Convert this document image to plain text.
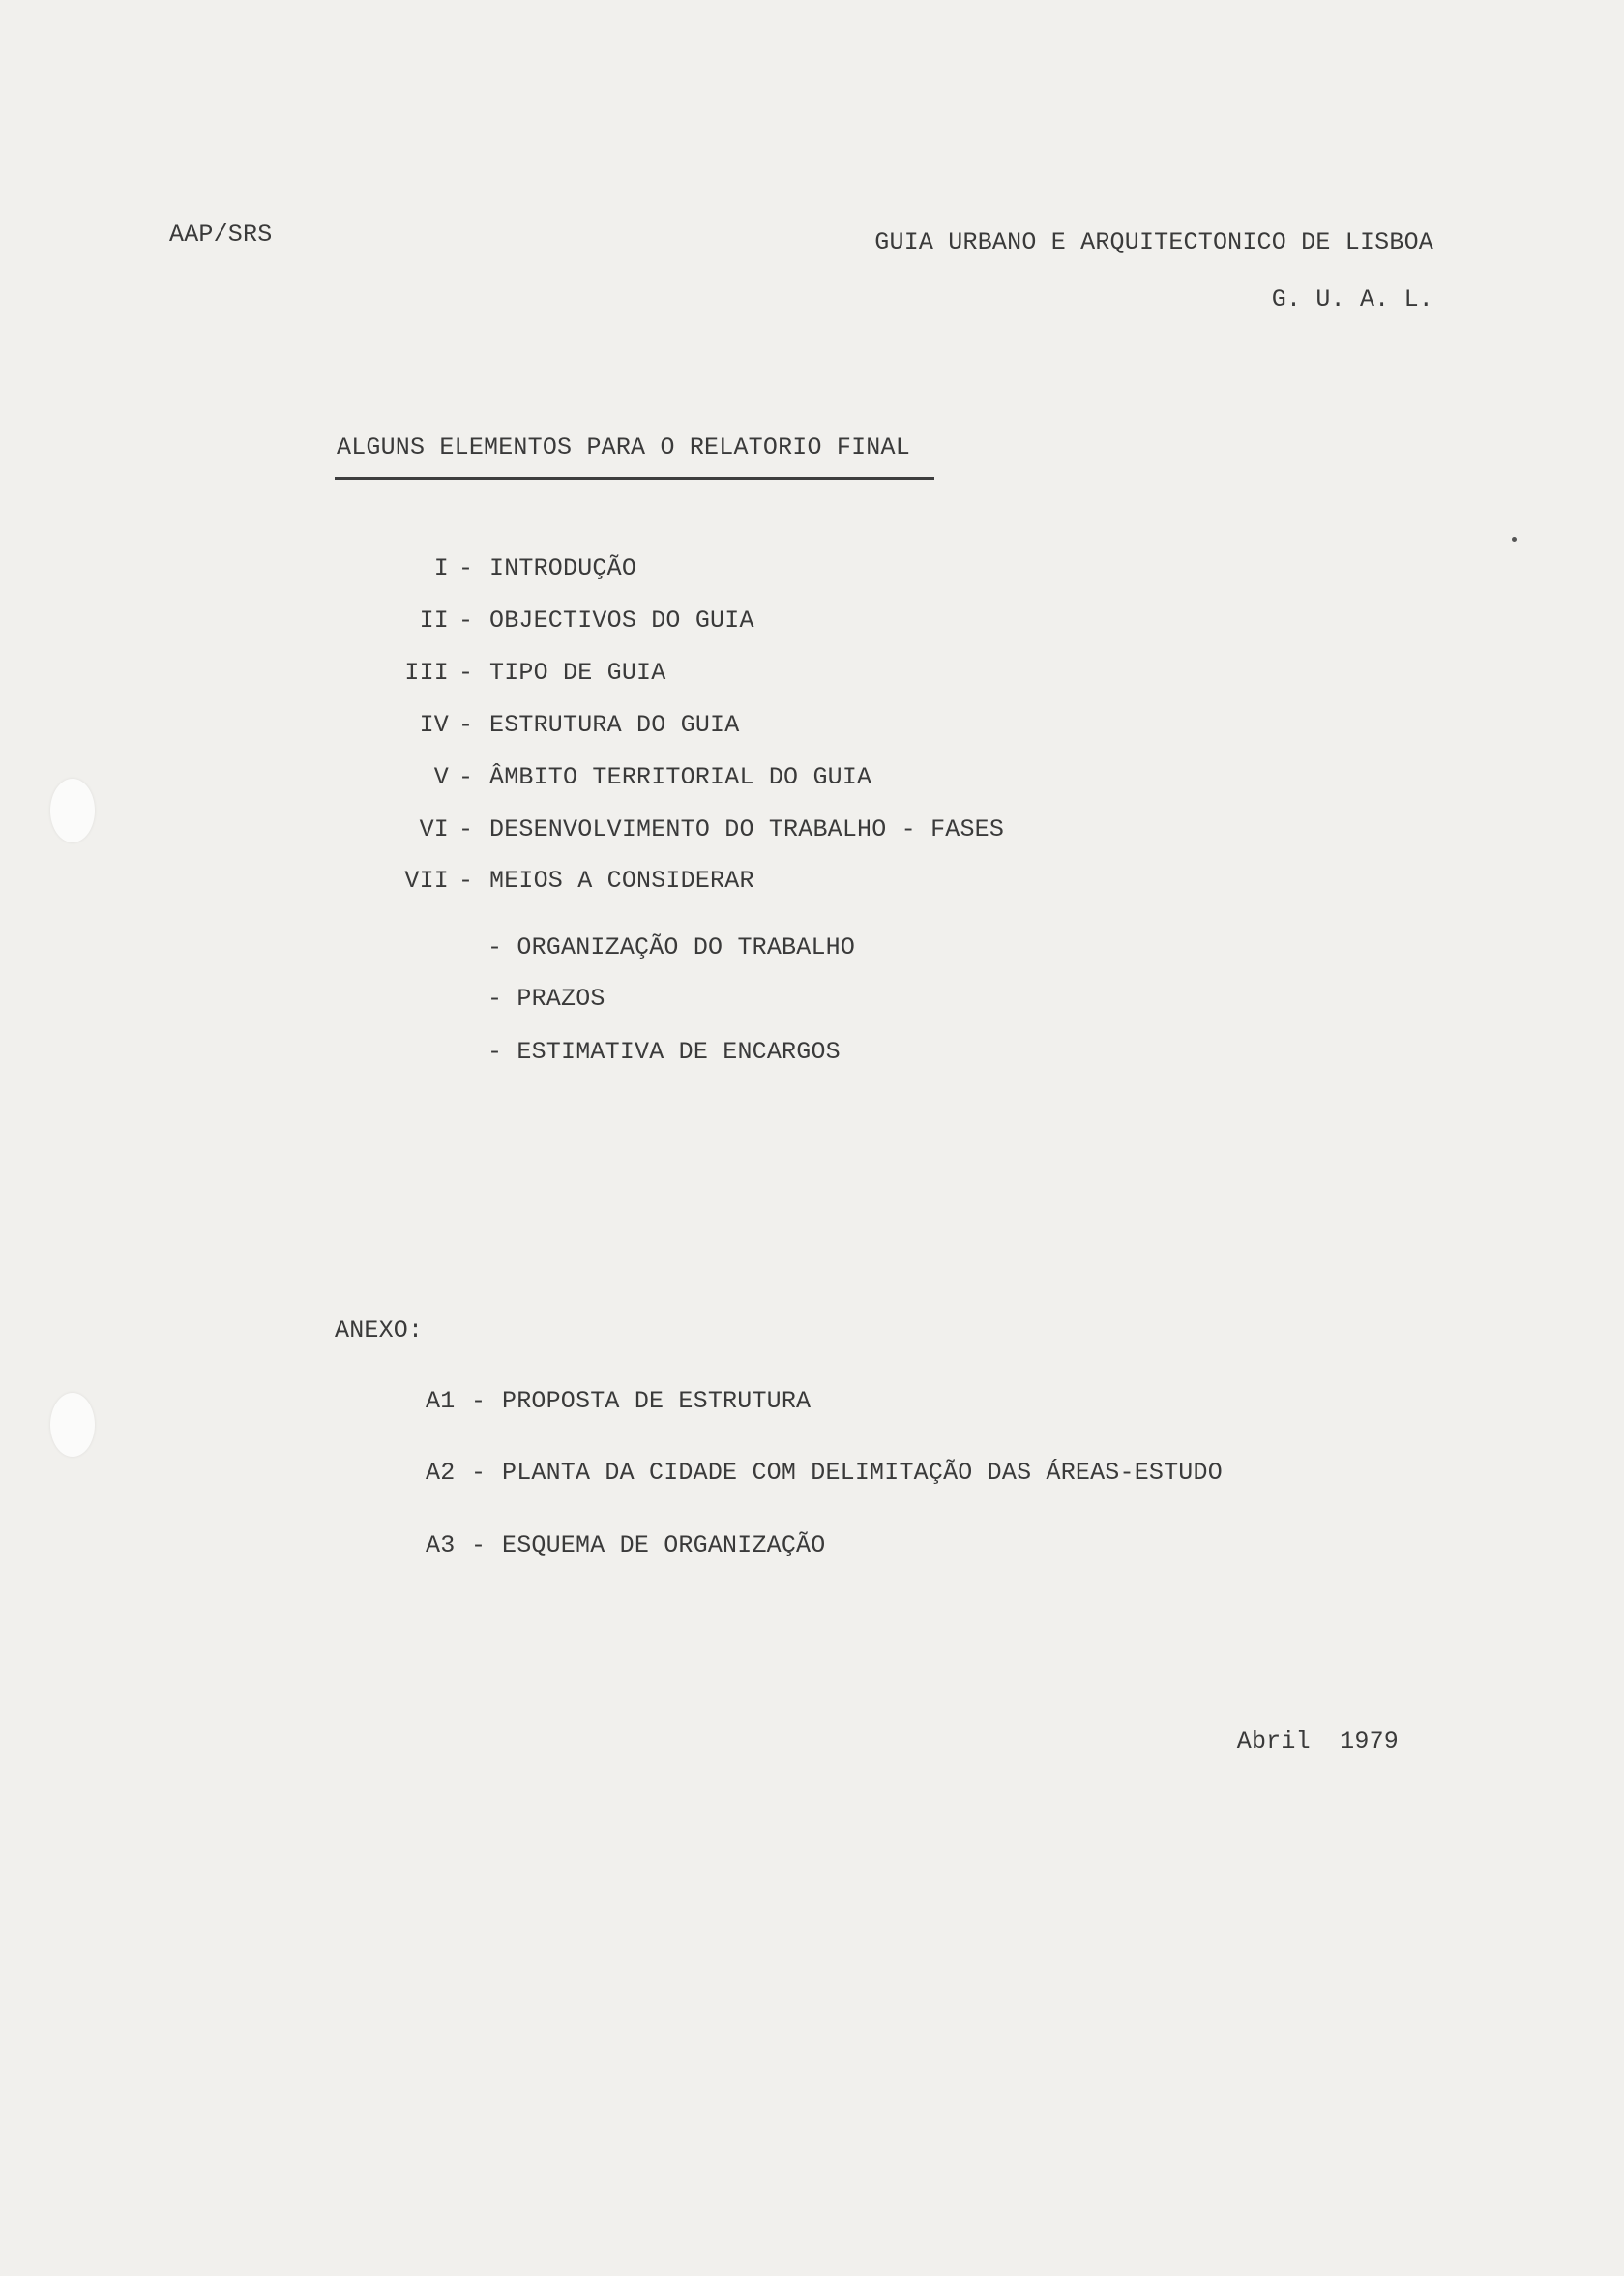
AAP/SRS	GUIA URBANO E ARQUITECTONICO DE LISBOA
G. U. A. L.
ALGUNS ELEMENTOS PARA O RELATORIO FINAL
I - INTRODUÇÃO
II - OBJECTIVOS DO GUIA
III - TIPO DE GUIA
IV - ESTRUTURA DO GUIA
V - ÂMBITO TERRITORIAL DO GUIA
VI - DESENVOLVIMENTO DO TRABALHO - FASES
VII - MEIOS A CONSIDERAR
- ORGANIZAÇÃO DO TRABALHO
- PRAZOS
- ESTIMATIVA DE ENCARGOS
ANEXO:
A1 - PROPOSTA DE ESTRUTURA
A2 - PLANTA DA CIDADE COM DELIMITAÇÃO DAS ÁREAS-ESTUDO
A3 - ESQUEMA DE ORGANIZAÇÃO
Abril  1979
